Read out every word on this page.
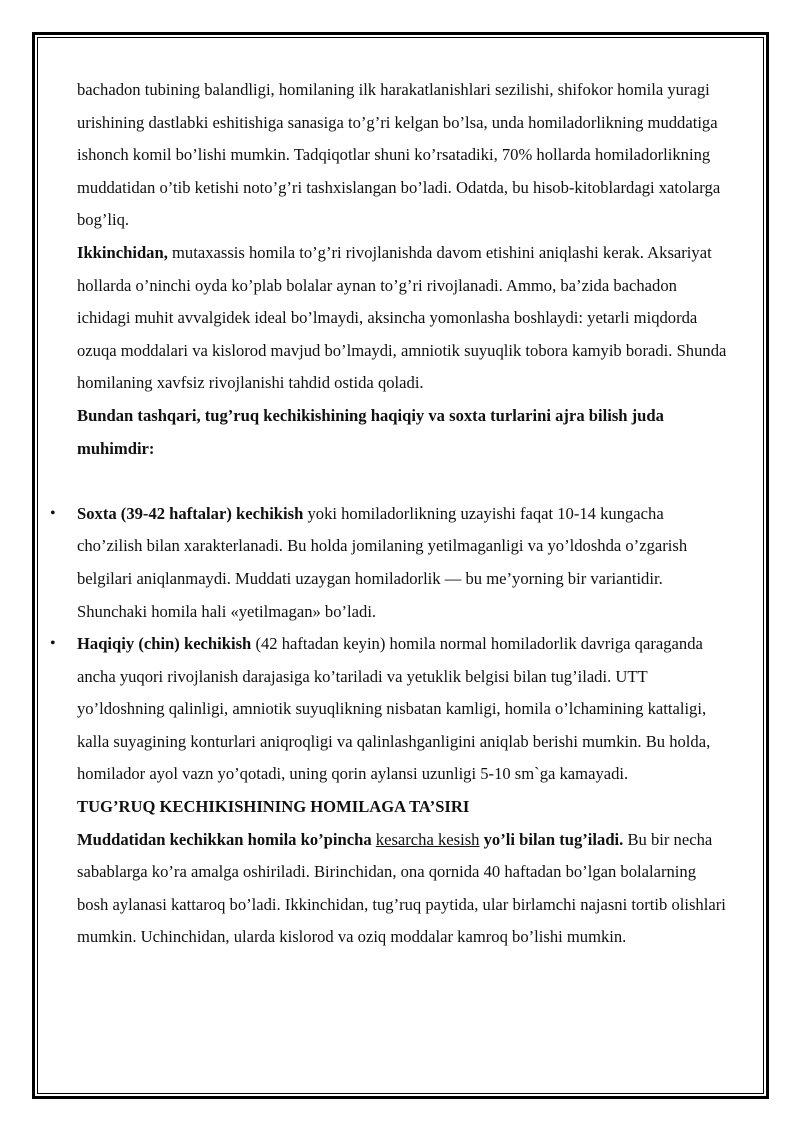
bachadon tubining balandligi, homilaning ilk harakatlanishlari sezilishi, shifokor homila yuragi urishining dastlabki eshitishiga sanasiga to’g’ri kelgan bo’lsa, unda homiladorlikning muddatiga ishonch komil bo’lishi mumkin. Tadqiqotlar shuni ko’rsatadiki, 70% hollarda homiladorlikning muddatidan o’tib ketishi noto’g’ri tashxislangan bo’ladi. Odatda, bu hisob-kitoblardagi xatolarga bog’liq.

Ikkinchidan, mutaxassis homila to’g’ri rivojlanishda davom etishini aniqlashi kerak. Aksariyat hollarda o’ninchi oyda ko’plab bolalar aynan to’g’ri rivojlanadi. Ammo, ba’zida bachadon ichidagi muhit avvalgidek ideal bo’lmaydi, aksincha yomonlasha boshlaydi: yetarli miqdorda ozuqa moddalari va kislorod mavjud bo’lmaydi, amniotik suyuqlik tobora kamyib boradi. Shunda homilaning xavfsiz rivojlanishi tahdid ostida qoladi.

Bundan tashqari, tug’ruq kechikishining haqiqiy va soxta turlarini ajra bilish juda muhimdir:

• Soxta (39-42 haftalar) kechikish yoki homiladorlikning uzayishi faqat 10-14 kungacha cho’zilish bilan xarakterlanadi. Bu holda jomilaning yetilmaganligi va yo’ldoshda o’zgarish belgilari aniqlanmaydi. Muddati uzaygan homiladorlik — bu me’yorning bir variantidir. Shunchaki homila hali «yetilmagan» bo’ladi.
• Haqiqiy (chin) kechikish (42 haftadan keyin) homila normal homiladorlik davriga qaraganda ancha yuqori rivojlanish darajasiga ko’tariladi va yetuklik belgisi bilan tug’iladi. UTT yo’ldoshning qalinligi, amniotik suyuqlikning nisbatan kamligi, homila o’lchamining kattaligi, kalla suyagining konturlari aniqroqligi va qalinlashganligini aniqlab berishi mumkin. Bu holda, homilador ayol vazn yo’qotadi, uning qorin aylansi uzunligi 5-10 sm`ga kamayadi.

TUG’RUQ KECHIKISHINING HOMILAGA TA’SIRI

Muddatidan kechikkan homila ko’pincha kesarcha kesish yo’li bilan tug’iladi. Bu bir necha sabablarga ko’ra amalga oshiriladi. Birinchidan, ona qornida 40 haftadan bo’lgan bolalarning bosh aylanasi kattaroq bo’ladi. Ikkinchidan, tug’ruq paytida, ular birlamchi najasni tortib olishlari mumkin. Uchinchidan, ularda kislorod va oziq moddalar kamroq bo’lishi mumkin.
